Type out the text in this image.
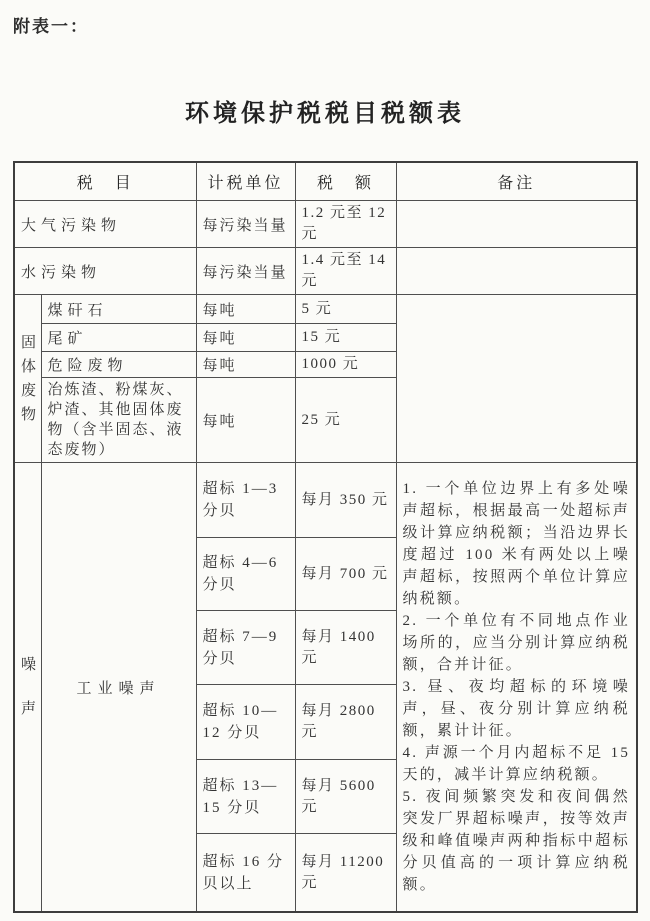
附表一：

环境保护税税目税额表
税　目		计税单位	税　额	备注
大气污染物		每污染当量	1.2 元至 12 元	
水污染物		每污染当量	1.4 元至 14 元	
固体废物	煤矸石	每吨	5 元	
	尾矿	每吨	15 元	
	危险废物	每吨	1000 元	
	冶炼渣、粉煤灰、炉渣、其他固体废物（含半固态、液态废物）	每吨	25 元	
噪声	工业噪声	超标 1—3 分贝	每月 350 元	1. 一个单位边界上有多处噪声超标，根据最高一处超标声级计算应纳税额；当沿边界长度超过 100 米有两处以上噪声超标，按照两个单位计算应纳税额。

2. 一个单位有不同地点作业场所的，应当分别计算应纳税额，合并计征。

3. 昼、夜均超标的环境噪声，昼、夜分别计算应纳税额，累计计征。

4. 声源一个月内超标不足 15 天的，减半计算应纳税额。

5. 夜间频繁突发和夜间偶然突发厂界超标噪声，按等效声级和峰值噪声两种指标中超标分贝值高的一项计算应纳税额。

		超标 4—6 分贝	每月 700 元	
		超标 7—9 分贝	每月 1400 元	
		超标 10—12 分贝	每月 2800 元	
		超标 13—15 分贝	每月 5600 元	
		超标 16 分贝以上	每月 11200 元	
